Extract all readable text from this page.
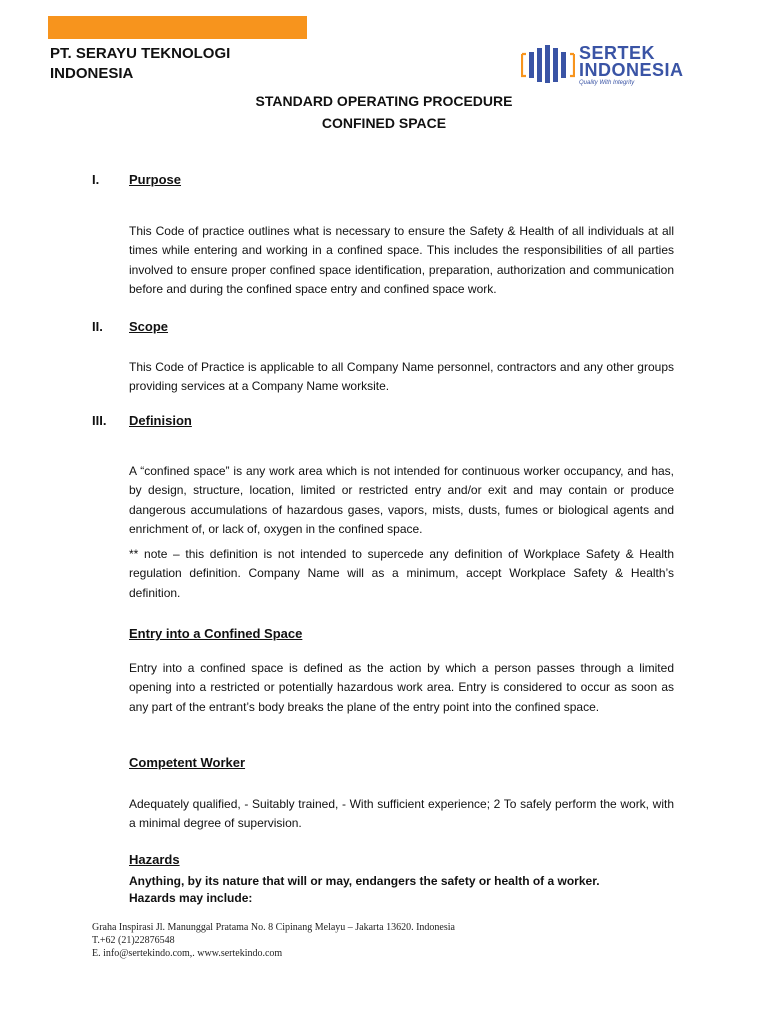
PT. SERAYU TEKNOLOGI
INDONESIA
SERTEK
INDONESIA
Quality With Integrity
STANDARD OPERATING PROCEDURE
CONFINED SPACE
I. Purpose
This Code of practice outlines what is necessary to ensure the Safety & Health of all individuals at all times while entering and working in a confined space. This includes the responsibilities of all parties involved to ensure proper confined space identification, preparation, authorization and communication before and during the confined space entry and confined space work.
II. Scope
This Code of Practice is applicable to all Company Name personnel, contractors and any other groups providing services at a Company Name worksite.
III. Definision
A “confined space” is any work area which is not intended for continuous worker occupancy, and has, by design, structure, location, limited or restricted entry and/or exit and may contain or produce dangerous accumulations of hazardous gases, vapors, mists, dusts, fumes or biological agents and enrichment of, or lack of, oxygen in the confined space.
** note – this definition is not intended to supercede any definition of Workplace Safety & Health regulation definition. Company Name will as a minimum, accept Workplace Safety & Health’s definition.
Entry into a Confined Space
Entry into a confined space is defined as the action by which a person passes through a limited opening into a restricted or potentially hazardous work area. Entry is considered to occur as soon as any part of the entrant’s body breaks the plane of the entry point into the confined space.
Competent Worker
Adequately qualified, - Suitably trained, - With sufficient experience; 2 To safely perform the work, with a minimal degree of supervision.
Hazards
Anything, by its nature that will or may, endangers the safety or health of a worker.
Hazards may include:
Graha Inspirasi Jl. Manunggal Pratama No. 8 Cipinang Melayu – Jakarta 13620. Indonesia
T.+62 (21)22876548
E. info@sertekindo.com,. www.sertekindo.com
